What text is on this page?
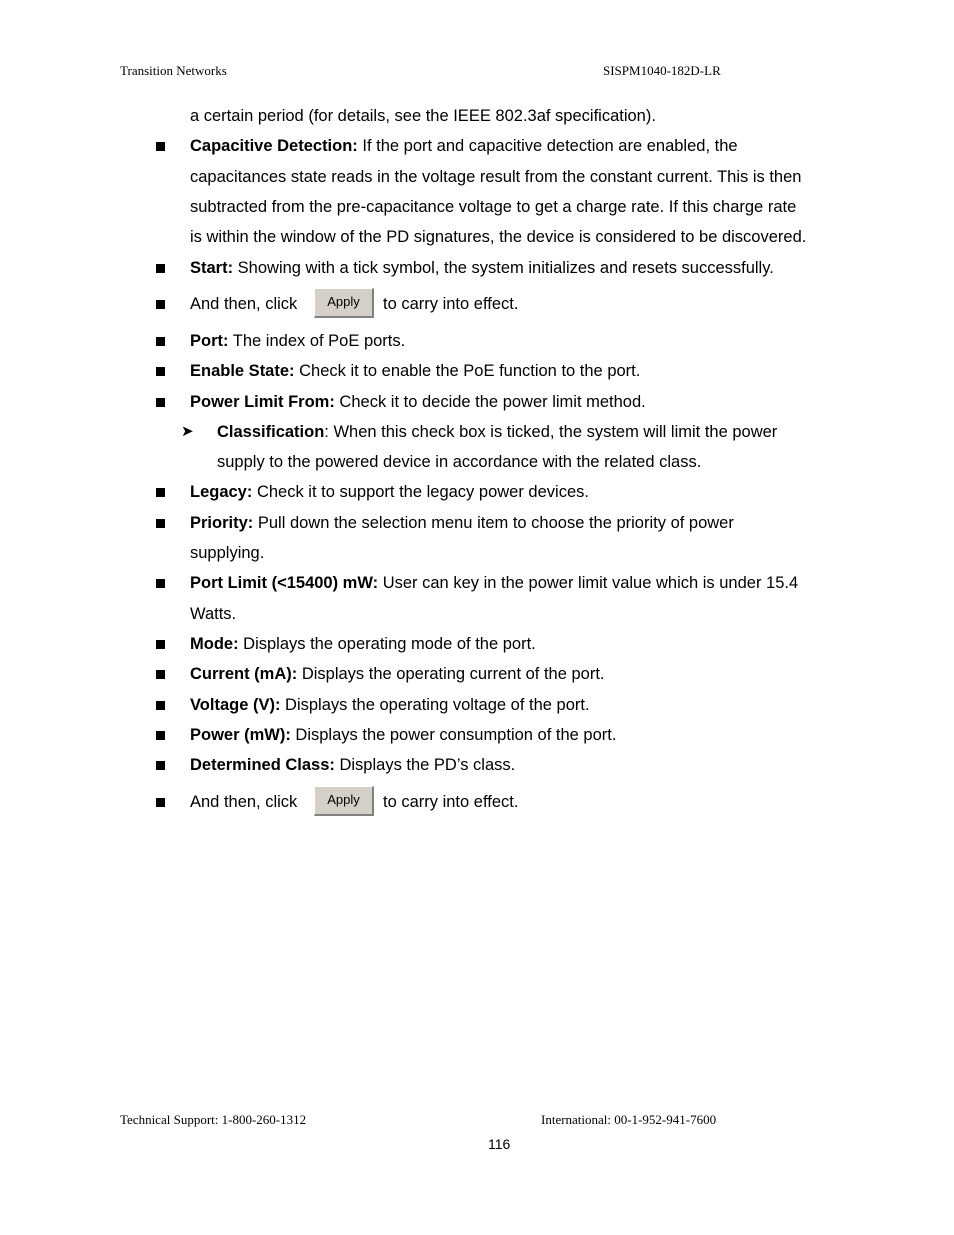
Transition Networks	SISPM1040-182D-LR
a certain period (for details, see the IEEE 802.3af specification).
Capacitive Detection: If the port and capacitive detection are enabled, the
capacitances state reads in the voltage result from the constant current. This is then
subtracted from the pre-capacitance voltage to get a charge rate. If this charge rate
is within the window of the PD signatures, the device is considered to be discovered.
Start: Showing with a tick symbol, the system initializes and resets successfully.
And then, click	Apply	to carry into effect.
Port: The index of PoE ports.
Enable State: Check it to enable the PoE function to the port.
Power Limit From: Check it to decide the power limit method.
➤ Classification: When this check box is ticked, the system will limit the power
supply to the powered device in accordance with the related class.
Legacy: Check it to support the legacy power devices.
Priority: Pull down the selection menu item to choose the priority of power
supplying.
Port Limit (<15400) mW: User can key in the power limit value which is under 15.4
Watts.
Mode: Displays the operating mode of the port.
Current (mA): Displays the operating current of the port.
Voltage (V): Displays the operating voltage of the port.
Power (mW): Displays the power consumption of the port.
Determined Class: Displays the PD’s class.
And then, click	Apply	to carry into effect.
Technical Support: 1-800-260-1312	International: 00-1-952-941-7600
116
